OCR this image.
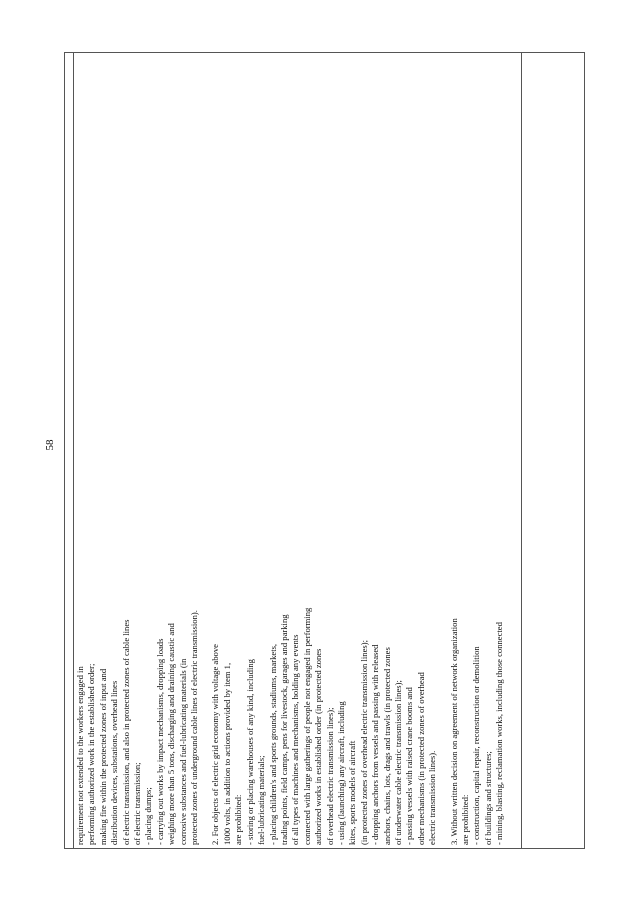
58

requirement not extended to the workers engaged in performing authorized work in the established order; making fire within the protected zones of input and distribution devices, substations, overhead lines of electric transmission, and also in protected zones of cable lines of electric transmission; - placing dumps; - carrying out works by impact mechanisms, dropping loads weighing more than 5 tons, discharging and draining caustic and corrosive substances and fuel-lubricating materials (in protected zones of underground cable lines of electric transmission). 2. For objects of electric grid economy with voltage above 1000 volts, in addition to actions provided by item 1, are prohibited: - storing or placing warehouses of any kind, including fuel-lubricating materials; - placing children's and sports grounds, stadiums, markets, trading points, field camps, pens for livestock, garages and parking of all types of machines and mechanisms, holding any events connected with large gatherings of people not engaged in performing authorized works in established order (in protected zones of overhead electric transmission lines); - using (launching) any aircraft, including kites, sports models of aircraft (in protected zones of overhead electric transmission lines); - dropping anchors from vessels and passing with released anchors, chains, lots, drags and trawls (in protected zones of underwater cable electric transmission lines); - passing vessels with raised crane booms and other mechanisms (in protected zones of overhead electric transmission lines). 3. Without written decision on agreement of network organization are prohibited: - construction, capital repair, reconstruction or demolition of buildings and structures; - mining, blasting, reclamation works, including those connected
